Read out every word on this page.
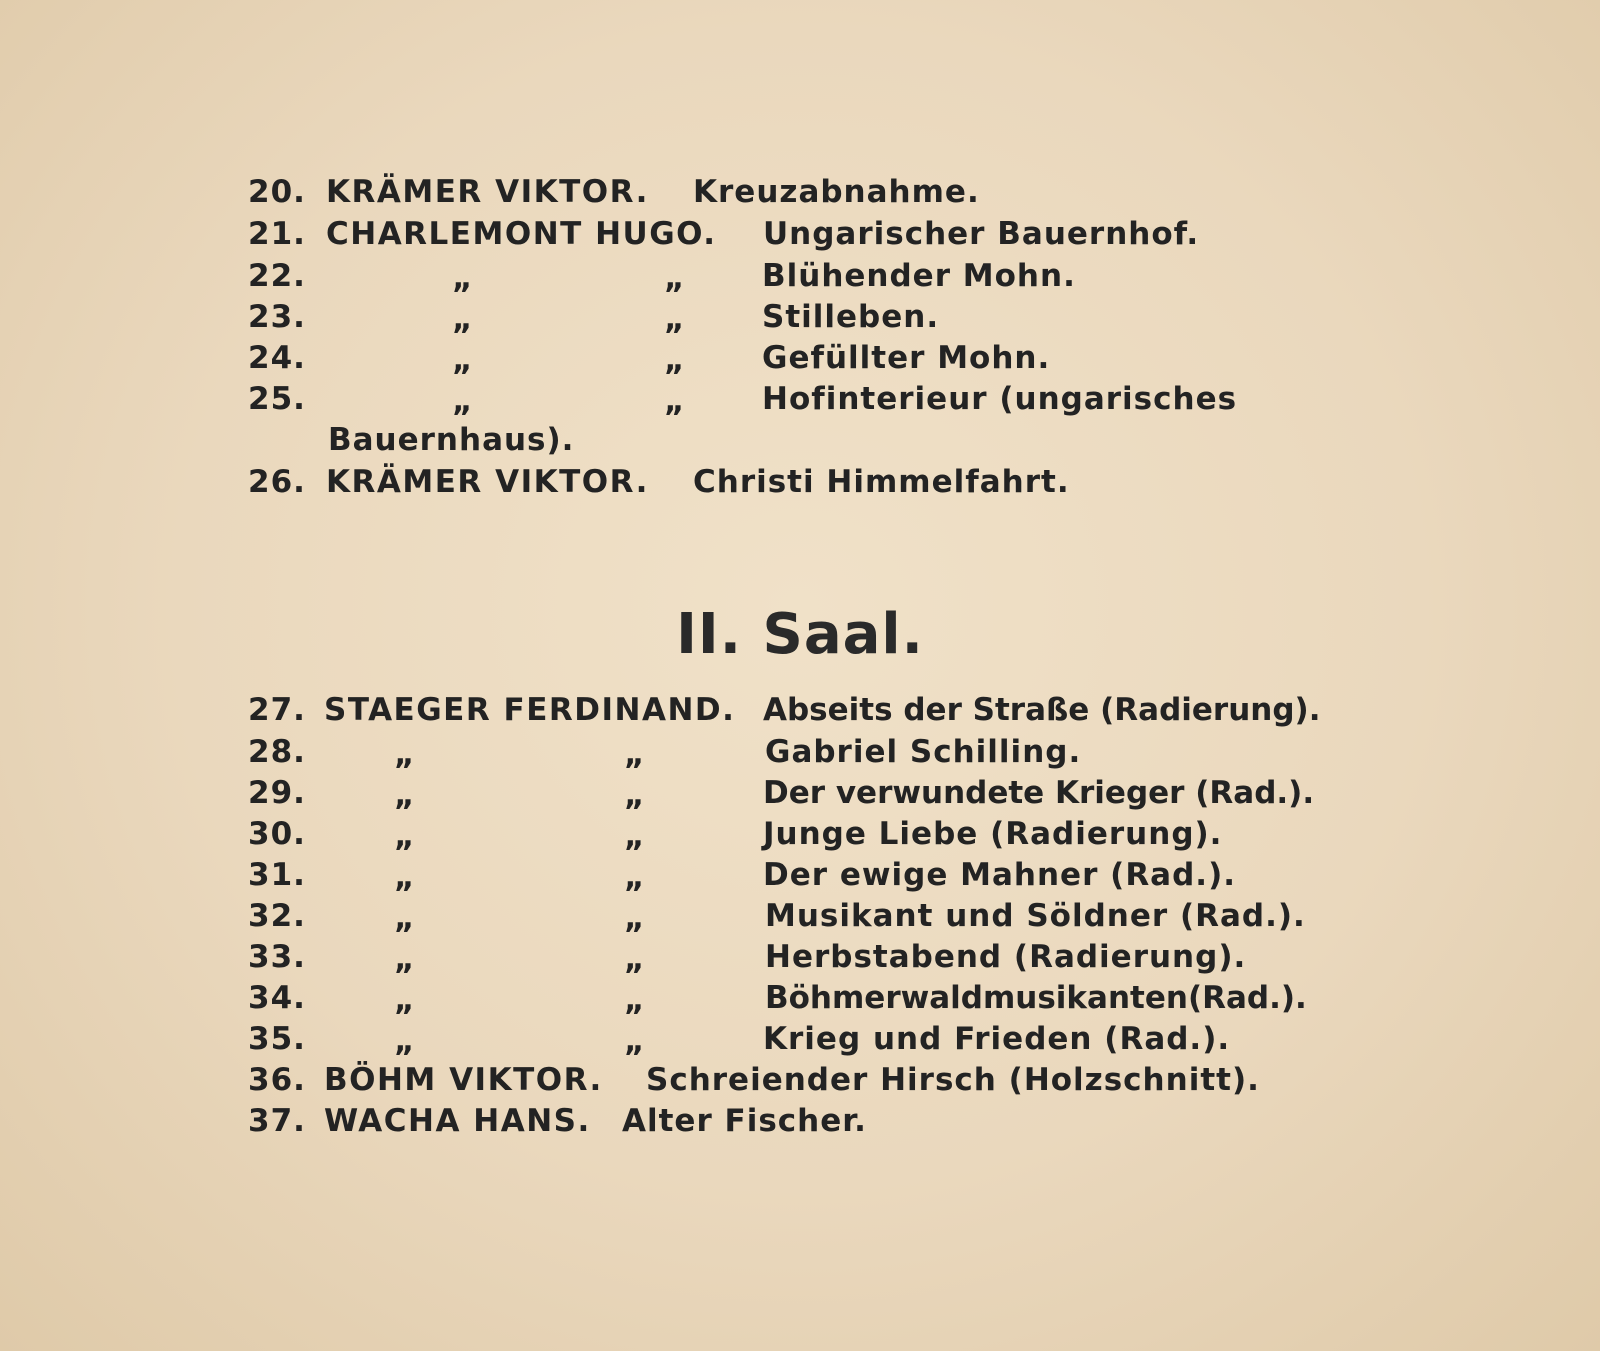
20. KRÄMER VIKTOR. Kreuzabnahme.
21. CHARLEMONT HUGO. Ungarischer Bauernhof.
22.	„	„ Blühender Mohn.
23.	„	„ Stilleben.
24.	„	„ Gefüllter Mohn.
25.	„	„ Hofinterieur (ungarisches
Bauernhaus).
26. KRÄMER VIKTOR. Christi Himmelfahrt.
II. Saal.
27. STAEGER FERDINAND. Abseits der Straße (Radierung).
28.	„	„	Gabriel Schilling.
29.	„	„	Der verwundete Krieger (Rad.).
30.	„	„	Junge Liebe (Radierung).
31.	„	„	Der ewige Mahner (Rad.).
32.	„	„	Musikant und Söldner (Rad.).
33.	„	„	Herbstabend (Radierung).
34.	„	„	Böhmerwaldmusikanten(Rad.).
35.	„	„	Krieg und Frieden (Rad.).
36. BÖHM VIKTOR. Schreiender Hirsch (Holzschnitt).
37. WACHA HANS. Alter Fischer.
